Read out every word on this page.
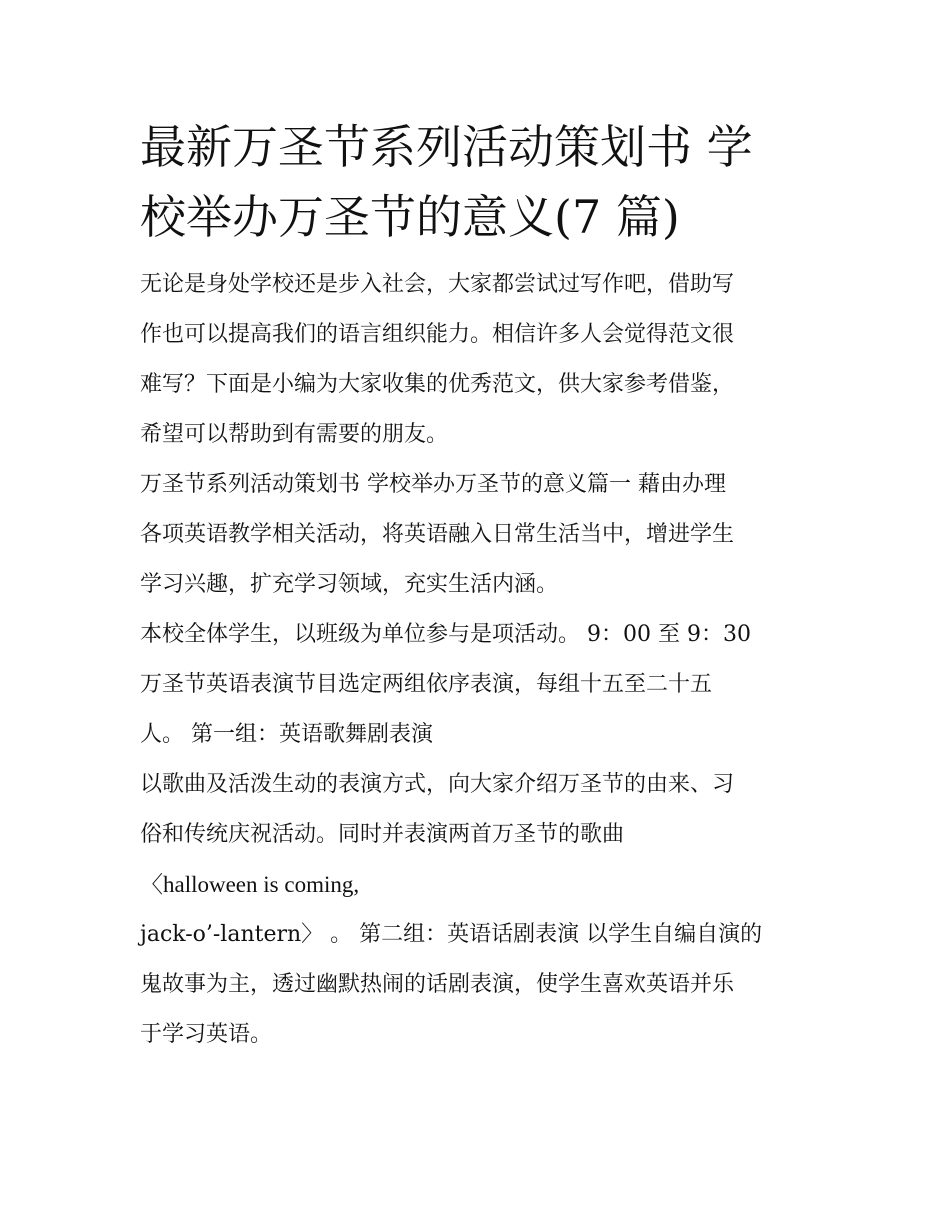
最新万圣节系列活动策划书 学
校举办万圣节的意义(7 篇)

无论是身处学校还是步入社会，大家都尝试过写作吧，借助写
作也可以提高我们的语言组织能力。相信许多人会觉得范文很
难写？下面是小编为大家收集的优秀范文，供大家参考借鉴，
希望可以帮助到有需要的朋友。

万圣节系列活动策划书 学校举办万圣节的意义篇一 藉由办理
各项英语教学相关活动，将英语融入日常生活当中，增进学生
学习兴趣，扩充学习领域，充实生活内涵。

本校全体学生，以班级为单位参与是项活动。 9：00 至 9：30
万圣节英语表演节目选定两组依序表演，每组十五至二十五
人。 第一组：英语歌舞剧表演

以歌曲及活泼生动的表演方式，向大家介绍万圣节的由来、习
俗和传统庆祝活动。同时并表演两首万圣节的歌曲
〈halloween is coming,
jack-o’-lantern〉 。 第二组：英语话剧表演 以学生自编自演的
鬼故事为主，透过幽默热闹的话剧表演，使学生喜欢英语并乐
于学习英语。
